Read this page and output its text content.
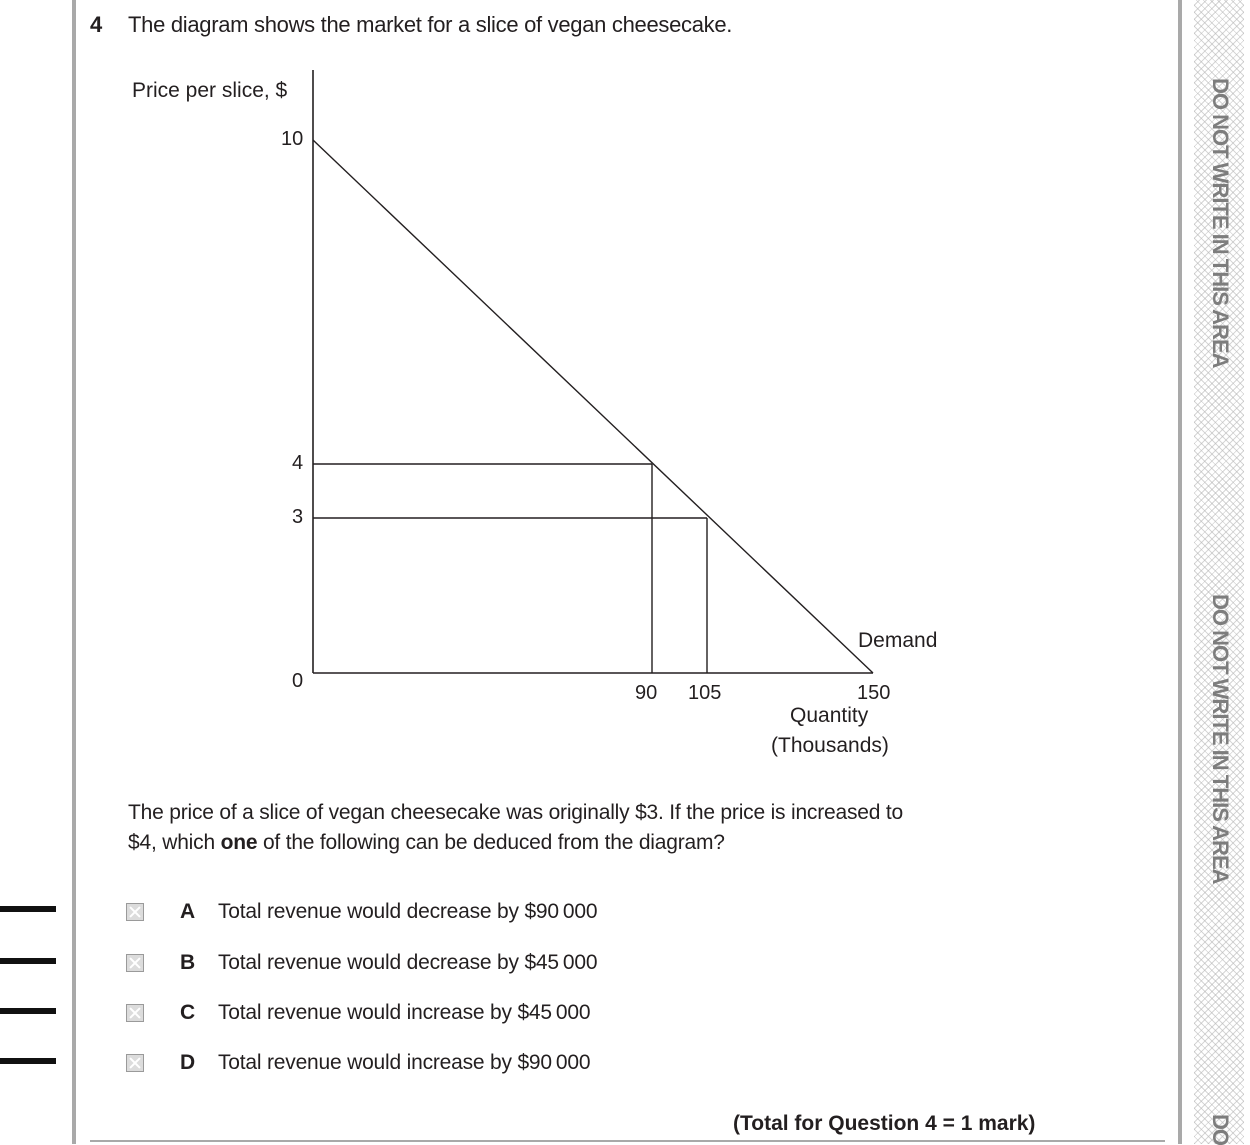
DO NOT WRITE IN THIS AREA
DO NOT WRITE IN THIS AREA
DO
4 The diagram shows the market for a slice of vegan cheesecake.
Price per slice, $
10
4
3
0
90 105	150
Quantity
(Thousands)
Demand
The price of a slice of vegan cheesecake was originally $3. If the price is increased to
$4, which one of the following can be deduced from the diagram?
A	Total revenue would decrease by $90 000
B	Total revenue would decrease by $45 000
C	Total revenue would increase by $45 000
D	Total revenue would increase by $90 000
(Total for Question 4 = 1 mark)
